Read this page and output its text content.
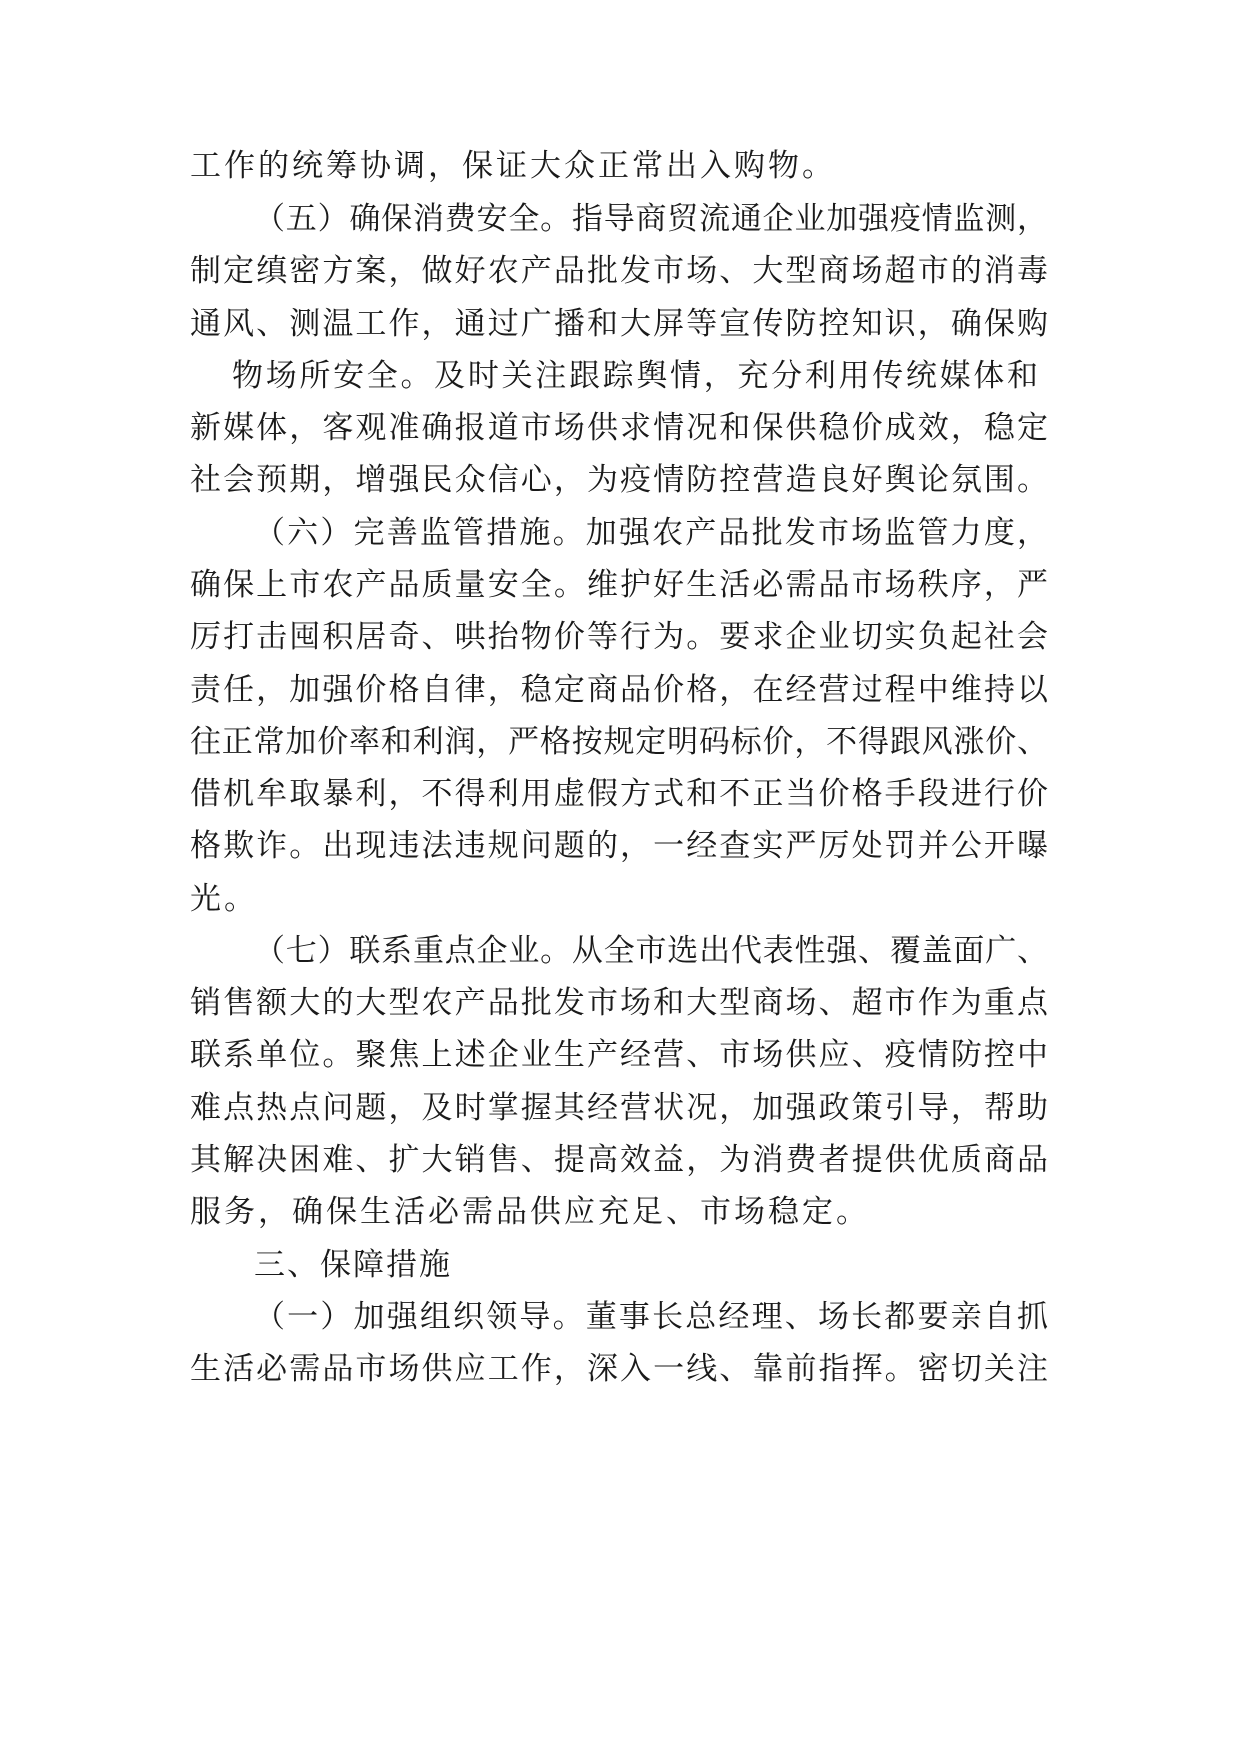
工作的统筹协调，保证大众正常出入购物。
（五）确保消费安全。指导商贸流通企业加强疫情监测，
制定缜密方案，做好农产品批发市场、大型商场超市的消毒
通风、测温工作，通过广播和大屏等宣传防控知识，确保购
物场所安全。及时关注跟踪舆情，充分利用传统媒体和
新媒体，客观准确报道市场供求情况和保供稳价成效，稳定
社会预期，增强民众信心，为疫情防控营造良好舆论氛围。
（六）完善监管措施。加强农产品批发市场监管力度，
确保上市农产品质量安全。维护好生活必需品市场秩序，严
厉打击囤积居奇、哄抬物价等行为。要求企业切实负起社会
责任，加强价格自律，稳定商品价格，在经营过程中维持以
往正常加价率和利润，严格按规定明码标价，不得跟风涨价、
借机牟取暴利，不得利用虚假方式和不正当价格手段进行价
格欺诈。出现违法违规问题的，一经查实严厉处罚并公开曝
光。
（七）联系重点企业。从全市选出代表性强、覆盖面广、
销售额大的大型农产品批发市场和大型商场、超市作为重点
联系单位。聚焦上述企业生产经营、市场供应、疫情防控中
难点热点问题，及时掌握其经营状况，加强政策引导，帮助
其解决困难、扩大销售、提高效益，为消费者提供优质商品
服务，确保生活必需品供应充足、市场稳定。
三、保障措施
（一）加强组织领导。董事长总经理、场长都要亲自抓
生活必需品市场供应工作，深入一线、靠前指挥。密切关注
